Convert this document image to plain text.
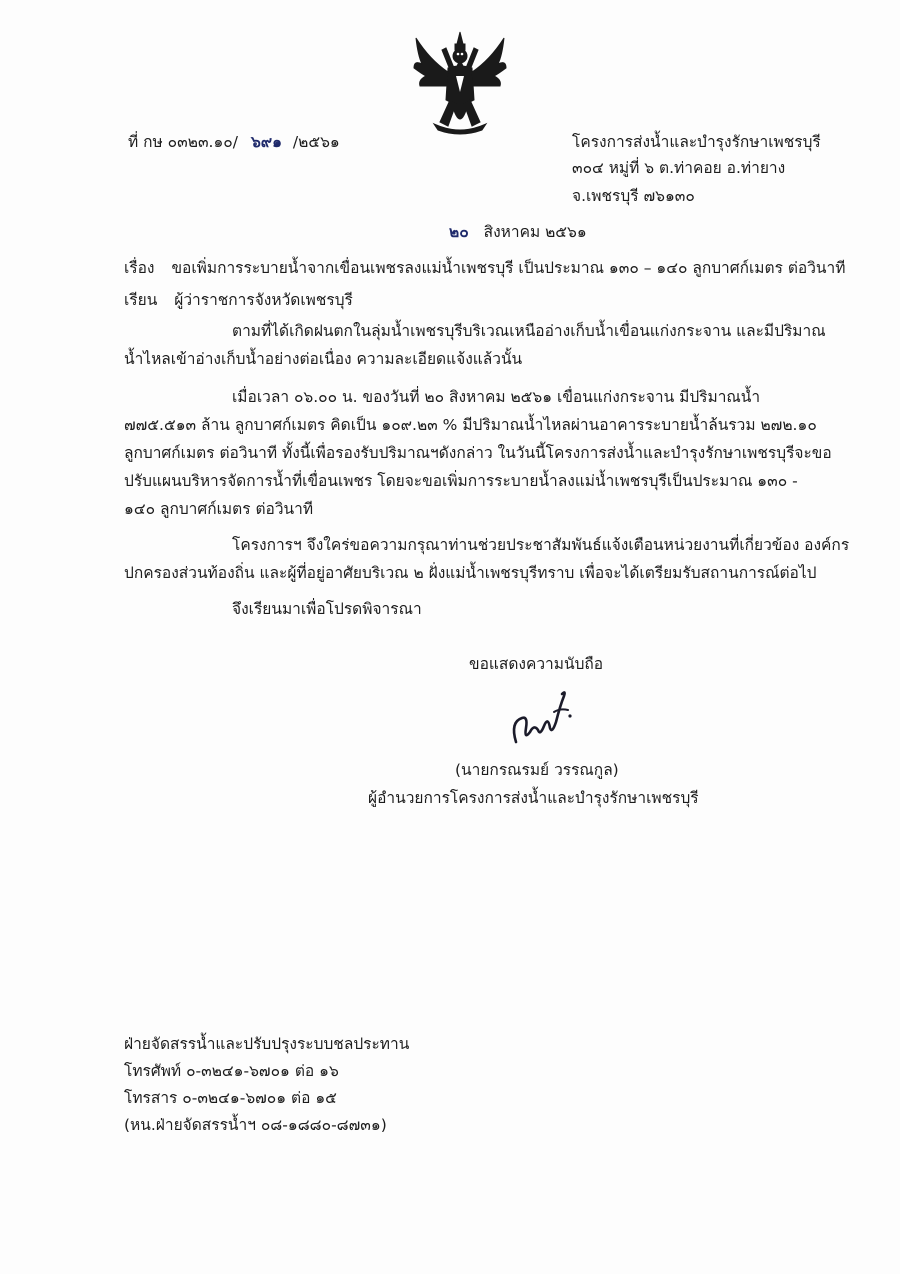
ที่ กษ ๐๓๒๓.๑๐/ ๖๙๑ /๒๕๖๑	โครงการส่งน้ำและบำรุงรักษาเพชรบุรี
๓๐๔ หมู่ที่ ๖ ต.ท่าคอย อ.ท่ายาง
จ.เพชรบุรี ๗๖๑๓๐
๒๐ สิงหาคม ๒๕๖๑
เรื่อง ขอเพิ่มการระบายน้ำจากเขื่อนเพชรลงแม่น้ำเพชรบุรี เป็นประมาณ ๑๓๐ – ๑๔๐ ลูกบาศก์เมตร ต่อวินาที
เรียน ผู้ว่าราชการจังหวัดเพชรบุรี
ตามที่ได้เกิดฝนตกในลุ่มน้ำเพชรบุรีบริเวณเหนืออ่างเก็บน้ำเขื่อนแก่งกระจาน และมีปริมาณ
น้ำไหลเข้าอ่างเก็บน้ำอย่างต่อเนื่อง ความละเอียดแจ้งแล้วนั้น
เมื่อเวลา ๐๖.๐๐ น. ของวันที่ ๒๐ สิงหาคม ๒๕๖๑ เขื่อนแก่งกระจาน มีปริมาณน้ำ
๗๗๕.๕๑๓ ล้าน ลูกบาศก์เมตร คิดเป็น ๑๐๙.๒๓ % มีปริมาณน้ำไหลผ่านอาคารระบายน้ำล้นรวม ๒๗๒.๑๐
ลูกบาศก์เมตร ต่อวินาที ทั้งนี้เพื่อรองรับปริมาณฯดังกล่าว ในวันนี้โครงการส่งน้ำและบำรุงรักษาเพชรบุรีจะขอ
ปรับแผนบริหารจัดการน้ำที่เขื่อนเพชร โดยจะขอเพิ่มการระบายน้ำลงแม่น้ำเพชรบุรีเป็นประมาณ ๑๓๐ -
๑๔๐ ลูกบาศก์เมตร ต่อวินาที
โครงการฯ จึงใคร่ขอความกรุณาท่านช่วยประชาสัมพันธ์แจ้งเตือนหน่วยงานที่เกี่ยวข้อง องค์กร
ปกครองส่วนท้องถิ่น และผู้ที่อยู่อาศัยบริเวณ ๒ ฝั่งแม่น้ำเพชรบุรีทราบ เพื่อจะได้เตรียมรับสถานการณ์ต่อไป
จึงเรียนมาเพื่อโปรดพิจารณา
ขอแสดงความนับถือ
(นายกรณรมย์ วรรณกูล)
ผู้อำนวยการโครงการส่งน้ำและบำรุงรักษาเพชรบุรี
ฝ่ายจัดสรรน้ำและปรับปรุงระบบชลประทาน
โทรศัพท์ ๐-๓๒๔๑-๖๗๐๑ ต่อ ๑๖
โทรสาร ๐-๓๒๔๑-๖๗๐๑ ต่อ ๑๕
(หน.ฝ่ายจัดสรรน้ำฯ ๐๘-๑๘๘๐-๘๗๓๑)
